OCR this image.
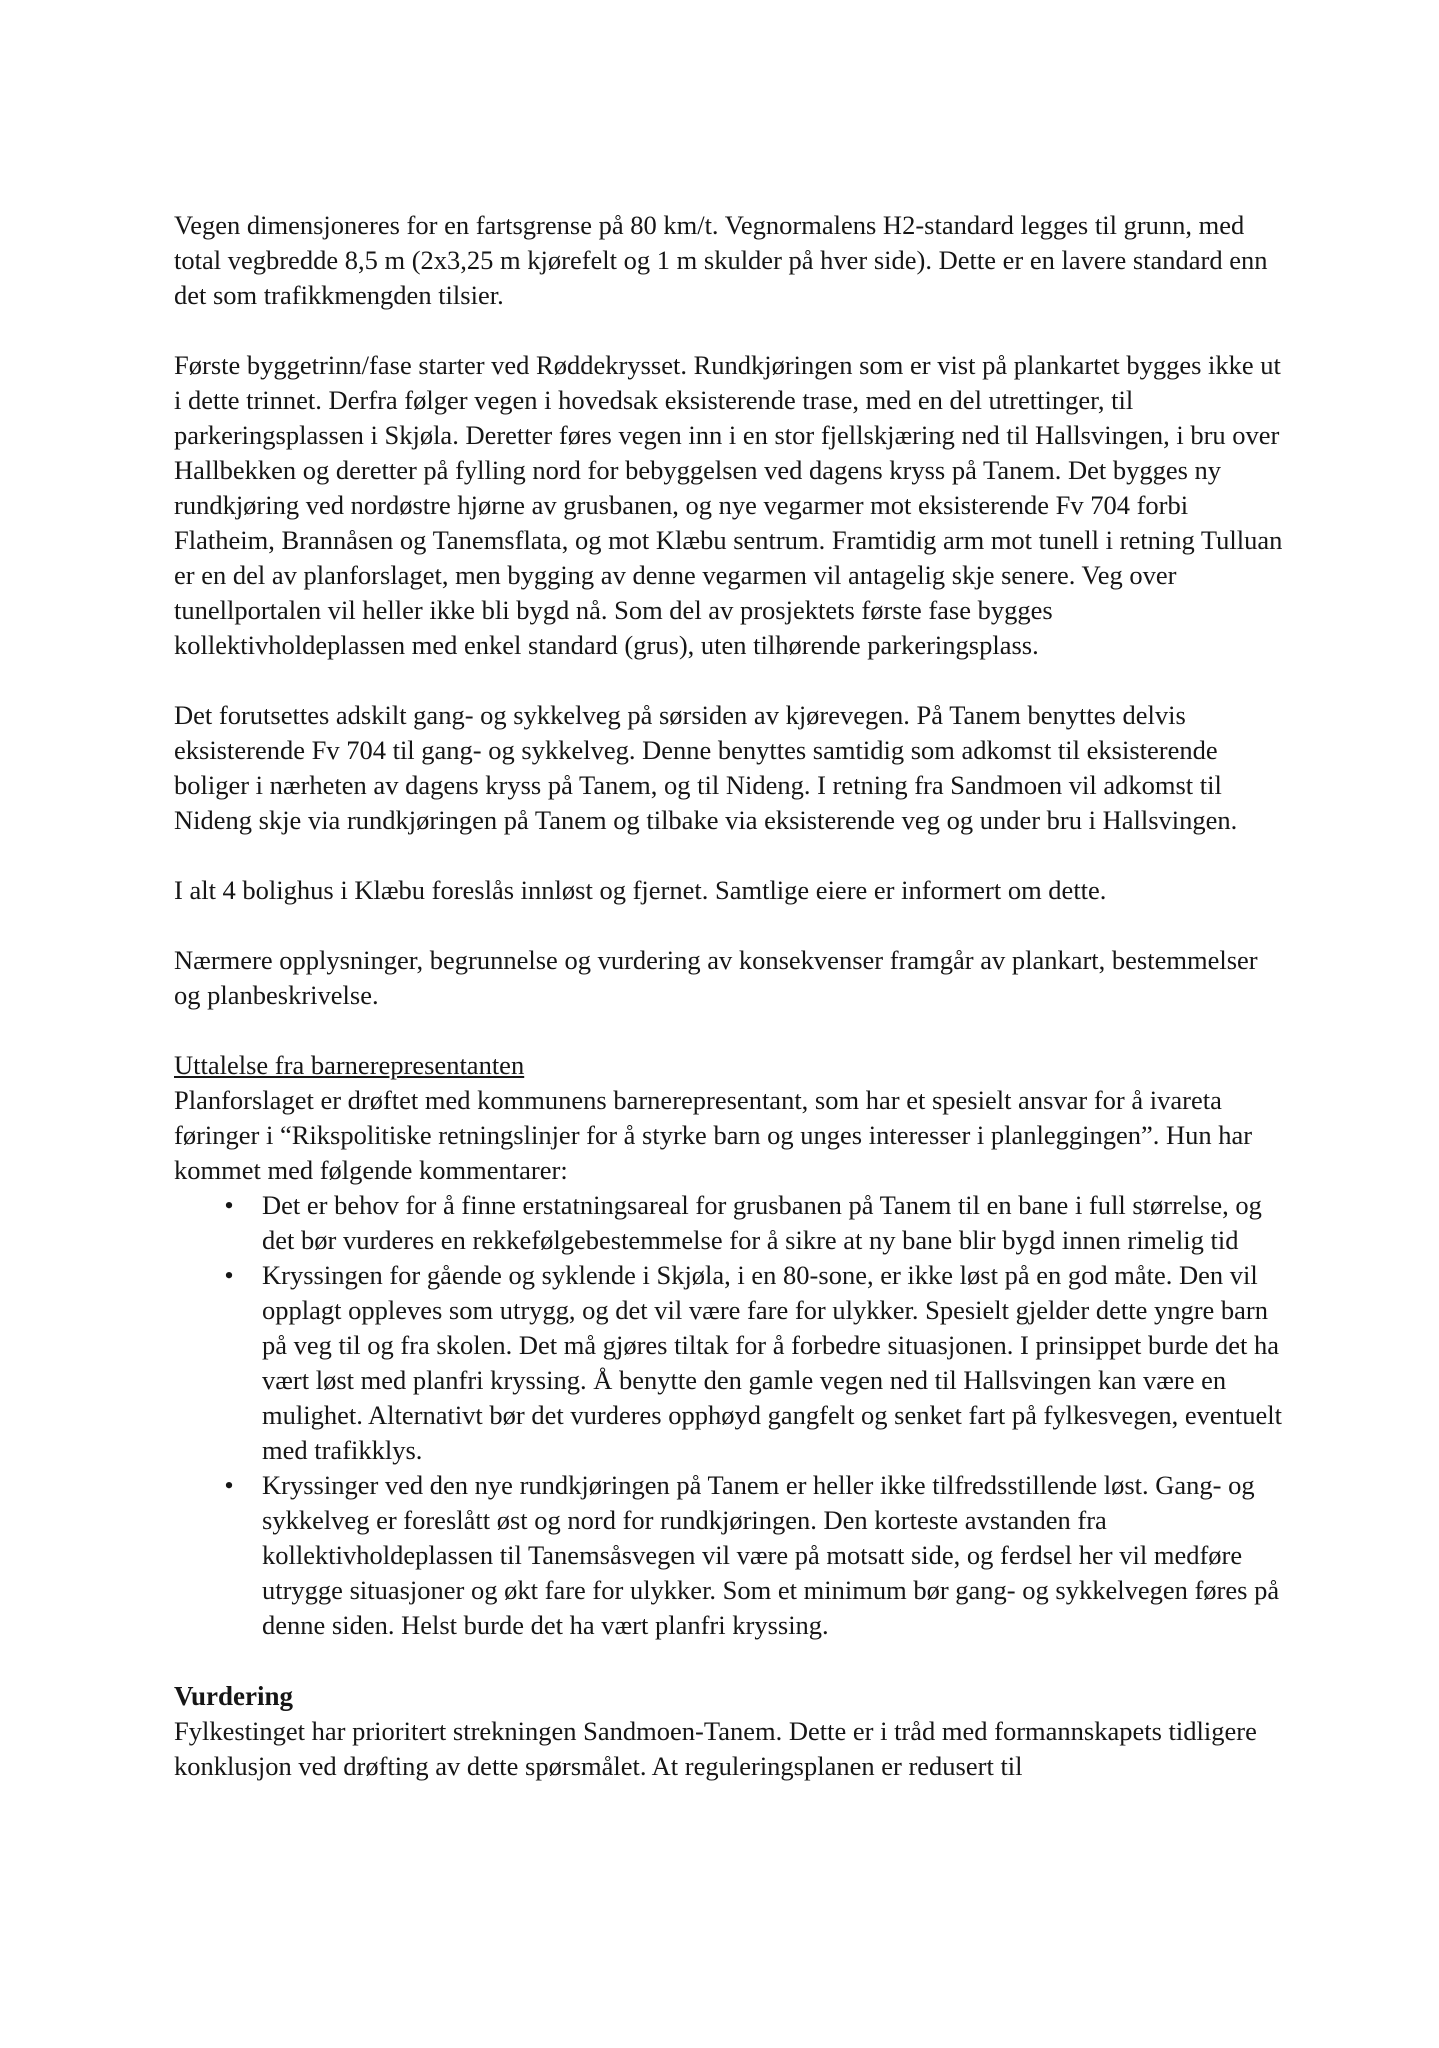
Vegen dimensjoneres for en fartsgrense på 80 km/t. Vegnormalens H2-standard legges til grunn, med total vegbredde 8,5 m (2x3,25 m kjørefelt og 1 m skulder på hver side). Dette er en lavere standard enn det som trafikkmengden tilsier.

Første byggetrinn/fase starter ved Røddekrysset. Rundkjøringen som er vist på plankartet bygges ikke ut i dette trinnet. Derfra følger vegen i hovedsak eksisterende trase, med en del utrettinger, til parkeringsplassen i Skjøla. Deretter føres vegen inn i en stor fjellskjæring ned til Hallsvingen, i bru over Hallbekken og deretter på fylling nord for bebyggelsen ved dagens kryss på Tanem. Det bygges ny rundkjøring ved nordøstre hjørne av grusbanen, og nye vegarmer mot eksisterende Fv 704 forbi Flatheim, Brannåsen og Tanemsflata, og mot Klæbu sentrum. Framtidig arm mot tunell i retning Tulluan er en del av planforslaget, men bygging av denne vegarmen vil antagelig skje senere. Veg over tunellportalen vil heller ikke bli bygd nå. Som del av prosjektets første fase bygges kollektivholdeplassen med enkel standard (grus), uten tilhørende parkeringsplass.

Det forutsettes adskilt gang- og sykkelveg på sørsiden av kjørevegen. På Tanem benyttes delvis eksisterende Fv 704 til gang- og sykkelveg. Denne benyttes samtidig som adkomst til eksisterende boliger i nærheten av dagens kryss på Tanem, og til Nideng. I retning fra Sandmoen vil adkomst til Nideng skje via rundkjøringen på Tanem og tilbake via eksisterende veg og under bru i Hallsvingen.

I alt 4 bolighus i Klæbu foreslås innløst og fjernet. Samtlige eiere er informert om dette.

Nærmere opplysninger, begrunnelse og vurdering av konsekvenser framgår av plankart, bestemmelser og planbeskrivelse.

Uttalelse fra barnerepresentanten

Planforslaget er drøftet med kommunens barnerepresentant, som har et spesielt ansvar for å ivareta føringer i “Rikspolitiske retningslinjer for å styrke barn og unges interesser i planleggingen”. Hun har kommet med følgende kommentarer:

• Det er behov for å finne erstatningsareal for grusbanen på Tanem til en bane i full størrelse, og det bør vurderes en rekkefølgebestemmelse for å sikre at ny bane blir bygd innen rimelig tid
• Kryssingen for gående og syklende i Skjøla, i en 80-sone, er ikke løst på en god måte. Den vil opplagt oppleves som utrygg, og det vil være fare for ulykker. Spesielt gjelder dette yngre barn på veg til og fra skolen. Det må gjøres tiltak for å forbedre situasjonen. I prinsippet burde det ha vært løst med planfri kryssing. Å benytte den gamle vegen ned til Hallsvingen kan være en mulighet. Alternativt bør det vurderes opphøyd gangfelt og senket fart på fylkesvegen, eventuelt med trafikklys.
• Kryssinger ved den nye rundkjøringen på Tanem er heller ikke tilfredsstillende løst. Gang- og sykkelveg er foreslått øst og nord for rundkjøringen. Den korteste avstanden fra kollektivholdeplassen til Tanemsåsvegen vil være på motsatt side, og ferdsel her vil medføre utrygge situasjoner og økt fare for ulykker. Som et minimum bør gang- og sykkelvegen føres på denne siden. Helst burde det ha vært planfri kryssing.

Vurdering

Fylkestinget har prioritert strekningen Sandmoen-Tanem. Dette er i tråd med formannskapets tidligere konklusjon ved drøfting av dette spørsmålet. At reguleringsplanen er redusert til
